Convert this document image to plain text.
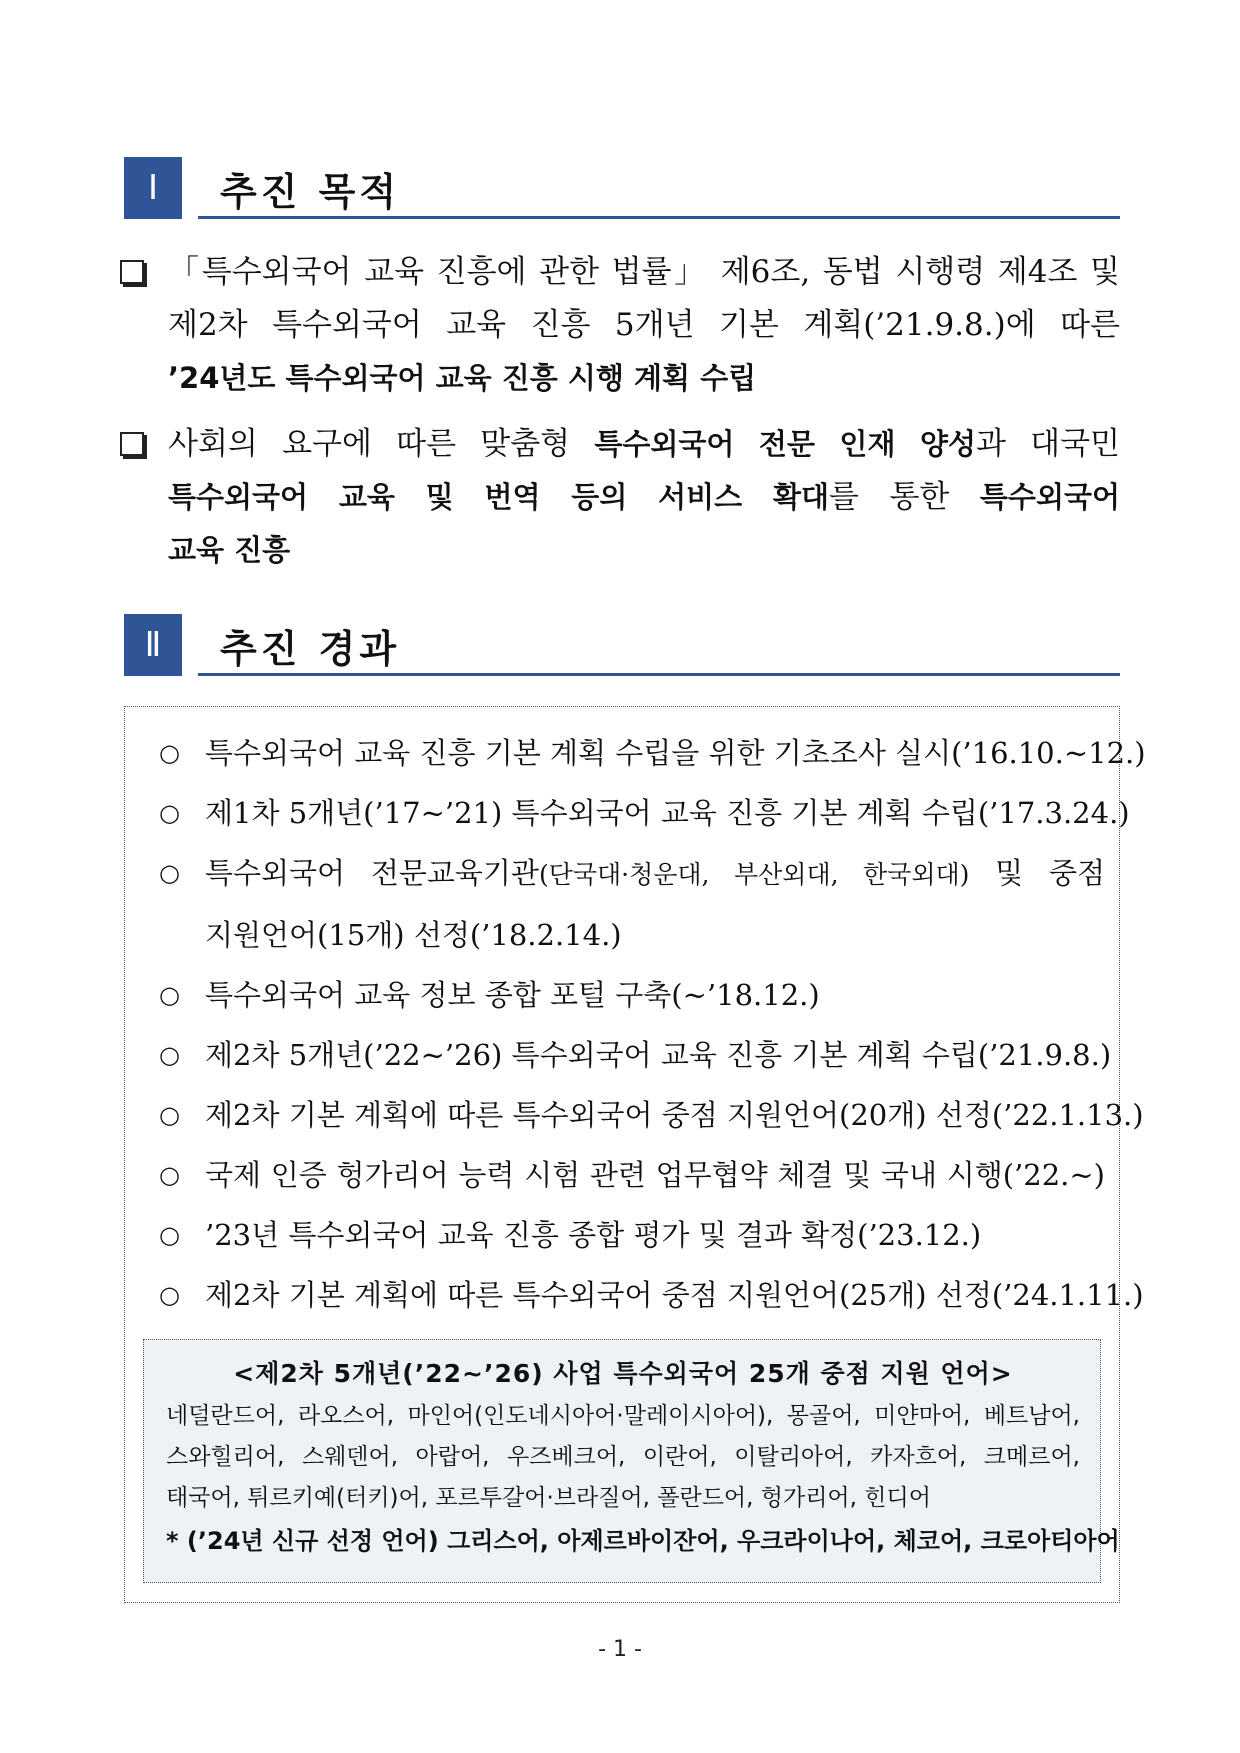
Ⅰ	추진 목적
「특수외국어 교육 진흥에 관한 법률」 제6조, 동법 시행령 제4조 및
제2차 특수외국어 교육 진흥 5개년 기본 계획(’21.9.8.)에 따른
’24년도 특수외국어 교육 진흥 시행 계획 수립
사회의 요구에 따른 맞춤형 특수외국어 전문 인재 양성과 대국민
특수외국어 교육 및 번역 등의 서비스 확대를 통한 특수외국어
교육 진흥
Ⅱ	추진 경과
○ 특수외국어 교육 진흥 기본 계획 수립을 위한 기초조사 실시(’16.10.~12.)
○ 제1차 5개년(’17∼’21) 특수외국어 교육 진흥 기본 계획 수립(’17.3.24.)
○ 특수외국어 전문교육기관(단국대·청운대, 부산외대, 한국외대) 및 중점
지원언어(15개) 선정(’18.2.14.)
○ 특수외국어 교육 정보 종합 포털 구축(~’18.12.)
○ 제2차 5개년(’22∼’26) 특수외국어 교육 진흥 기본 계획 수립(’21.9.8.)
○ 제2차 기본 계획에 따른 특수외국어 중점 지원언어(20개) 선정(’22.1.13.)
○ 국제 인증 헝가리어 능력 시험 관련 업무협약 체결 및 국내 시행(’22.~)
○ ’23년 특수외국어 교육 진흥 종합 평가 및 결과 확정(’23.12.)
○ 제2차 기본 계획에 따른 특수외국어 중점 지원언어(25개) 선정(’24.1.11.)
<제2차 5개년(’22~’26) 사업 특수외국어 25개 중점 지원 언어>
네덜란드어, 라오스어, 마인어(인도네시아어·말레이시아어), 몽골어, 미얀마어, 베트남어,
스와힐리어, 스웨덴어, 아랍어, 우즈베크어, 이란어, 이탈리아어, 카자흐어, 크메르어,
태국어, 튀르키예(터키)어, 포르투갈어·브라질어, 폴란드어, 헝가리어, 힌디어
* (’24년 신규 선정 언어) 그리스어, 아제르바이잔어, 우크라이나어, 체코어, 크로아티아어
- 1 -
